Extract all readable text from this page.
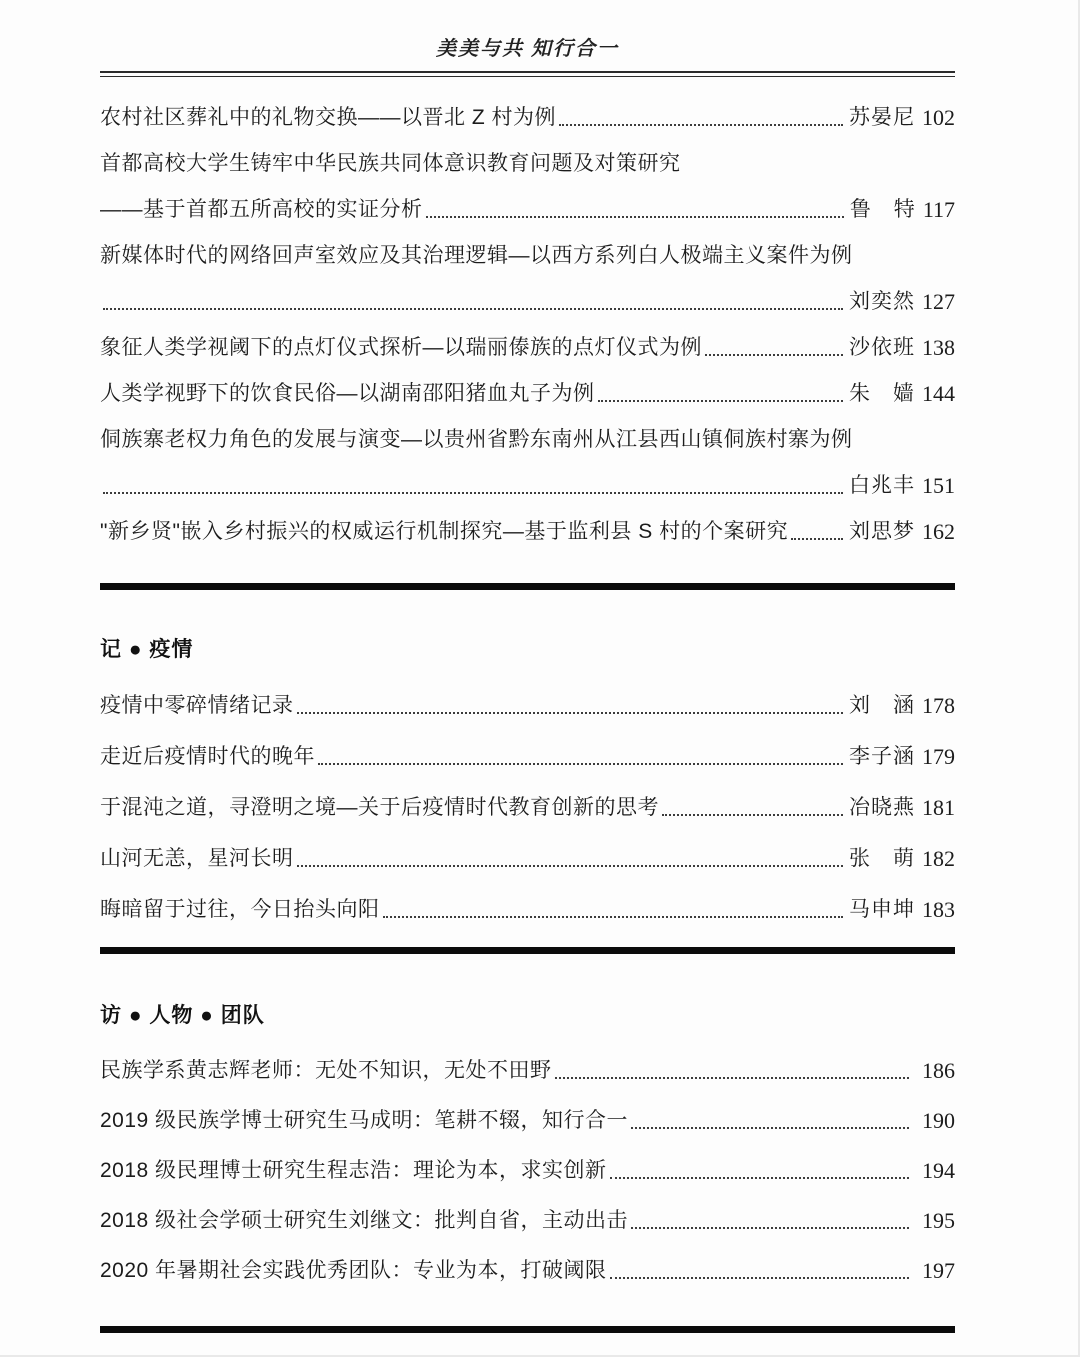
美美与共 知行合一
农村社区葬礼中的礼物交换——以晋北 Z 村为例	苏晏尼 102
首都高校大学生铸牢中华民族共同体意识教育问题及对策研究
——基于首都五所高校的实证分析	鲁　特 117
新媒体时代的网络回声室效应及其治理逻辑—以西方系列白人极端主义案件为例
刘奕然 127
象征人类学视阈下的点灯仪式探析—以瑞丽傣族的点灯仪式为例	沙依班 138
人类学视野下的饮食民俗—以湖南邵阳猪血丸子为例	朱　嫱 144
侗族寨老权力角色的发展与演变—以贵州省黔东南州从江县西山镇侗族村寨为例
白兆丰 151
"新乡贤"嵌入乡村振兴的权威运行机制探究—基于监利县 S 村的个案研究	刘思梦 162
记 ● 疫情
疫情中零碎情绪记录	刘　涵 178
走近后疫情时代的晚年	李子涵 179
于混沌之道，寻澄明之境—关于后疫情时代教育创新的思考	冶晓燕 181
山河无恙，星河长明	张　萌 182
晦暗留于过往，今日抬头向阳	马申坤 183
访 ● 人物 ● 团队
民族学系黄志辉老师：无处不知识，无处不田野	186
2019 级民族学博士研究生马成明：笔耕不辍，知行合一	190
2018 级民理博士研究生程志浩：理论为本，求实创新	194
2018 级社会学硕士研究生刘继文：批判自省，主动出击	195
2020 年暑期社会实践优秀团队：专业为本，打破阈限	197
